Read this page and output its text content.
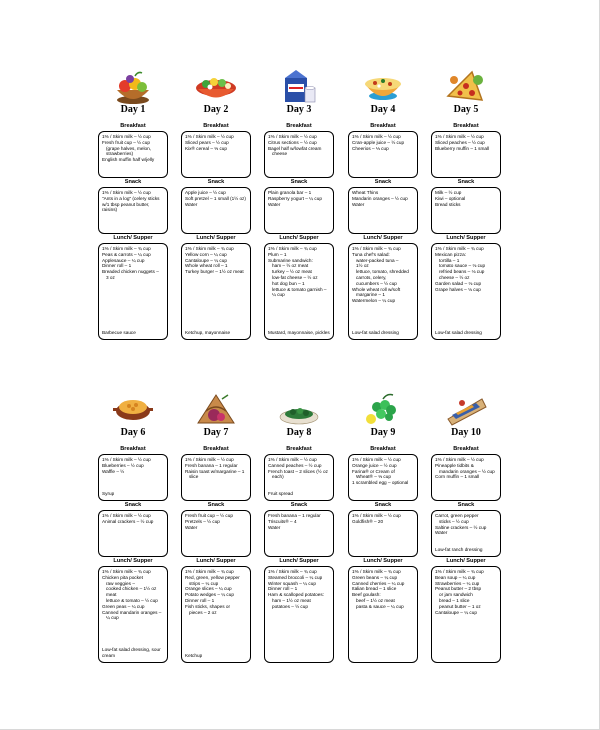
Day 1
Breakfast
1% / Skim milk – ½ cup
Fresh fruit cup – ½ cup
(grape halves, melon,
strawberries)
English muffin half w/jelly
Snack
1% / Skim milk – ½ cup
"Ants in a log" (celery sticks
w/1 tbsp peanut butter,
raisins)
Lunch/ Supper
1% / Skim milk – ¾ cup
Peas & carrots – ¼ cup
Applesauce – ¼ cup
Dinner roll – 1
Breaded chicken nuggets –
3 oz
Barbecue sauce
Day 2
Breakfast
1% / Skim milk – ½ cup
Sliced pears – ½ cup
Kix® cereal – ⅓ cup
Snack
Apple juice – ½ cup
Soft pretzel – 1 small (1½ oz)
Water
Lunch/ Supper
1% / Skim milk – ¾ cup
Yellow corn – ¼ cup
Cantaloupe – ¼ cup
Whole wheat roll – 1
Turkey burger – 1½ oz meat
Ketchup, mayonnaise
Day 3
Breakfast
1% / Skim milk – ½ cup
Citrus sections – ½ cup
Bagel half w/lowfat cream
cheese
Snack
Plain granola bar – 1
Raspberry yogurt – ¼ cup
Water
Lunch/ Supper
1% / Skim milk – ¾ cup
Plum – 1
Submarine sandwich:
ham – ½ oz meat
turkey – ½ oz meat
low-fat cheese – ½ oz
hot dog bun – 1
lettuce & tomato garnish –
¼ cup
Mustard, mayonnaise, pickles
Day 4
Breakfast
1% / Skim milk – ½ cup
Cran-apple juice – ½ cup
Cheerios – ⅓ cup
Snack
Wheat Thins
Mandarin oranges – ½ cup
Water
Lunch/ Supper
1% / Skim milk – ¾ cup
Tuna chef's salad:
water-packed tuna –
1½ oz
lettuce, tomato, shredded
carrots, celery,
cucumbers – ½ cup
Whole wheat roll w/soft
margarine – 1
Watermelon – ¼ cup
Low-fat salad dressing
Day 5
Breakfast
1% / Skim milk – ½ cup
Sliced peaches – ½ cup
Blueberry muffin – 1 small
Snack
Milk – ½ cup
Kiwi – optional
Bread sticks
Lunch/ Supper
1% / Skim milk – ¾ cup
Mexican pizza:
tortilla – 1
tomato sauce – ⅛ cup
refried beans – ⅛ cup
cheese – ½ oz
Garden salad – ⅛ cup
Grape halves – ⅛ cup
Low-fat salad dressing
Day 6
Breakfast
1% / Skim milk – ½ cup
Blueberries – ½ cup
Waffle – ½
Syrup
Snack
1% / Skim milk – ½ cup
Animal crackers – ½ cup
Lunch/ Supper
1% / Skim milk – ¾ cup
Chicken pita pocket
raw veggies –
cooked chicken – 1½ oz
meat
lettuce & tomato – ½ cup
Green peas – ¼ cup
Canned mandarin oranges –
¼ cup
Low-fat salad dressing, sour cream
Day 7
Breakfast
1% / Skim milk – ½ cup
Fresh banana – 1 regular
Raisin toast w/margarine – 1
slice
Snack
Fresh fruit cup – ½ cup
Pretzels – ½ cup
Water
Lunch/ Supper
1% / Skim milk – ¾ cup
Red, green, yellow pepper
strips – ¼ cup
Orange slices – ¼ cup
Potato wedges – ¼ cup
Dinner roll – 1
Fish sticks, shapes or
pieces – 2 oz
Ketchup
Day 8
Breakfast
1% / Skim milk – ½ cup
Canned peaches – ½ cup
French toast – 2 slices (½ oz
each)
Fruit spread
Snack
Fresh banana – 1 regular
Triscuits® – 4
Water
Lunch/ Supper
1% / Skim milk – ¾ cup
Steamed broccoli – ¼ cup
Winter squash – ¼ cup
Dinner roll – 1
Ham & scalloped potatoes:
ham – 1½ oz meat
potatoes – ½ cup
Day 9
Breakfast
1% / Skim milk – ½ cup
Orange juice – ½ cup
Farina® or Cream of
Wheat® – ⅓ cup
1 scrambled egg – optional
Snack
1% / Skim milk – ½ cup
Goldfish® – 20
Lunch/ Supper
1% / Skim milk – ¾ cup
Green beans – ¼ cup
Canned cherries – ¼ cup
Italian bread – 1 slice
Beef goulash:
beef – 1½ oz meat
pasta & sauce – ¼ cup
Day 10
Breakfast
1% / Skim milk – ½ cup
Pineapple tidbits &
mandarin oranges – ½ cup
Corn muffin – 1 small
Snack
Carrot, green pepper
sticks – ½ cup
Saltine crackers – ½ cup
Water
Low-fat ranch dressing
Lunch/ Supper
1% / Skim milk – ¾ cup
Bean soup – ¼ cup
Strawberries – ¼ cup
Peanut butter – 2 tbsp
or jam sandwich
bread – 1 slice
peanut butter – 1 oz
Cantaloupe – ¼ cup
